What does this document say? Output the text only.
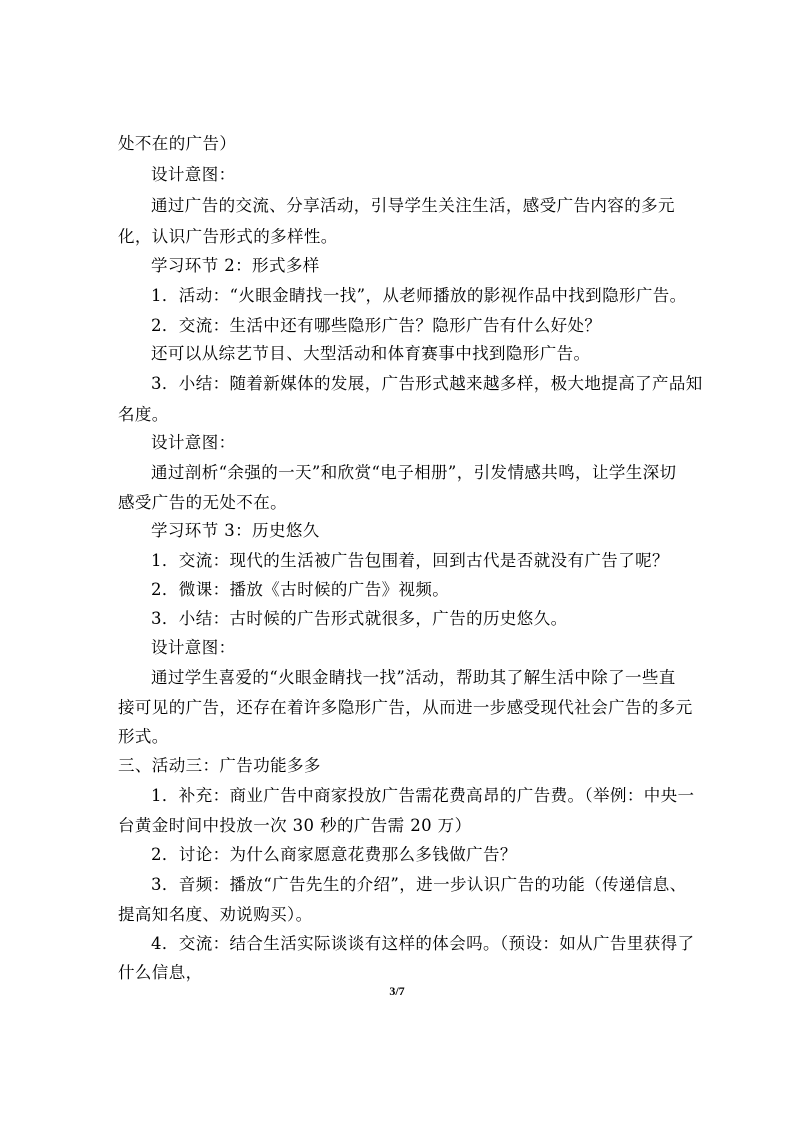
处不在的广告）
设计意图：
通过广告的交流、分享活动，引导学生关注生活，感受广告内容的多元
化，认识广告形式的多样性。
学习环节 2：形式多样
1．活动：“火眼金睛找一找”，从老师播放的影视作品中找到隐形广告。
2．交流：生活中还有哪些隐形广告？隐形广告有什么好处？
还可以从综艺节目、大型活动和体育赛事中找到隐形广告。
3．小结：随着新媒体的发展，广告形式越来越多样，极大地提高了产品知
名度。
设计意图：
通过剖析“余强的一天”和欣赏“电子相册”，引发情感共鸣，让学生深切
感受广告的无处不在。
学习环节 3：历史悠久
1．交流：现代的生活被广告包围着，回到古代是否就没有广告了呢？
2．微课：播放《古时候的广告》视频。
3．小结：古时候的广告形式就很多，广告的历史悠久。
设计意图：
通过学生喜爱的“火眼金睛找一找”活动，帮助其了解生活中除了一些直
接可见的广告，还存在着许多隐形广告，从而进一步感受现代社会广告的多元
形式。
三、活动三：广告功能多多
1．补充：商业广告中商家投放广告需花费高昂的广告费。（举例：中央一
台黄金时间中投放一次 30 秒的广告需 20 万）
2．讨论：为什么商家愿意花费那么多钱做广告？
3．音频：播放“广告先生的介绍”，进一步认识广告的功能（传递信息、
提高知名度、劝说购买）。
4．交流：结合生活实际谈谈有这样的体会吗。（预设：如从广告里获得了
什么信息，
3/7
